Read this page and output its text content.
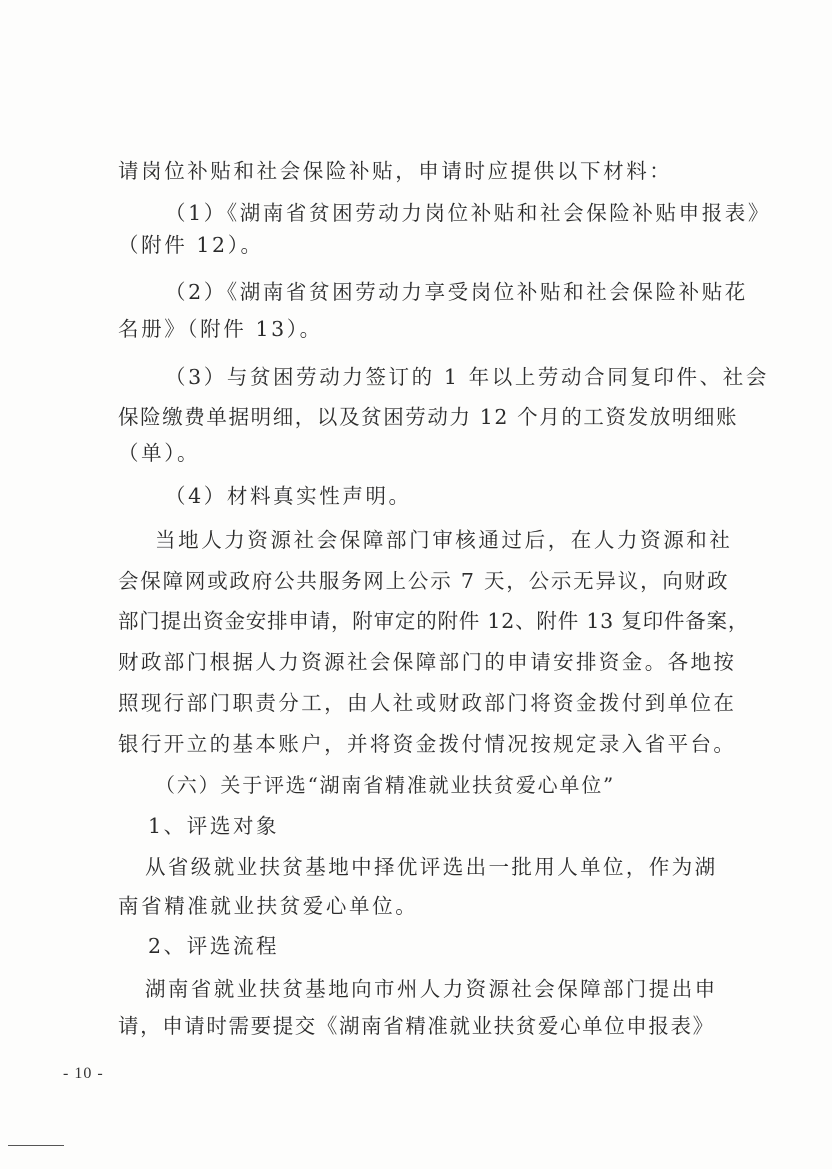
请岗位补贴和社会保险补贴，申请时应提供以下材料：
（1）《湖南省贫困劳动力岗位补贴和社会保险补贴申报表》
（附件 12）。
（2）《湖南省贫困劳动力享受岗位补贴和社会保险补贴花
名册》（附件 13）。
（3）与贫困劳动力签订的 1 年以上劳动合同复印件、社会
保险缴费单据明细，以及贫困劳动力 12 个月的工资发放明细账
（单）。
（4）材料真实性声明。
当地人力资源社会保障部门审核通过后，在人力资源和社
会保障网或政府公共服务网上公示 7 天，公示无异议，向财政
部门提出资金安排申请，附审定的附件 12、附件 13 复印件备案，
财政部门根据人力资源社会保障部门的申请安排资金。各地按
照现行部门职责分工，由人社或财政部门将资金拨付到单位在
银行开立的基本账户，并将资金拨付情况按规定录入省平台。
（六）关于评选“湖南省精准就业扶贫爱心单位”
1、评选对象
从省级就业扶贫基地中择优评选出一批用人单位，作为湖
南省精准就业扶贫爱心单位。
2、评选流程
湖南省就业扶贫基地向市州人力资源社会保障部门提出申
请，申请时需要提交《湖南省精准就业扶贫爱心单位申报表》
- 10 -
